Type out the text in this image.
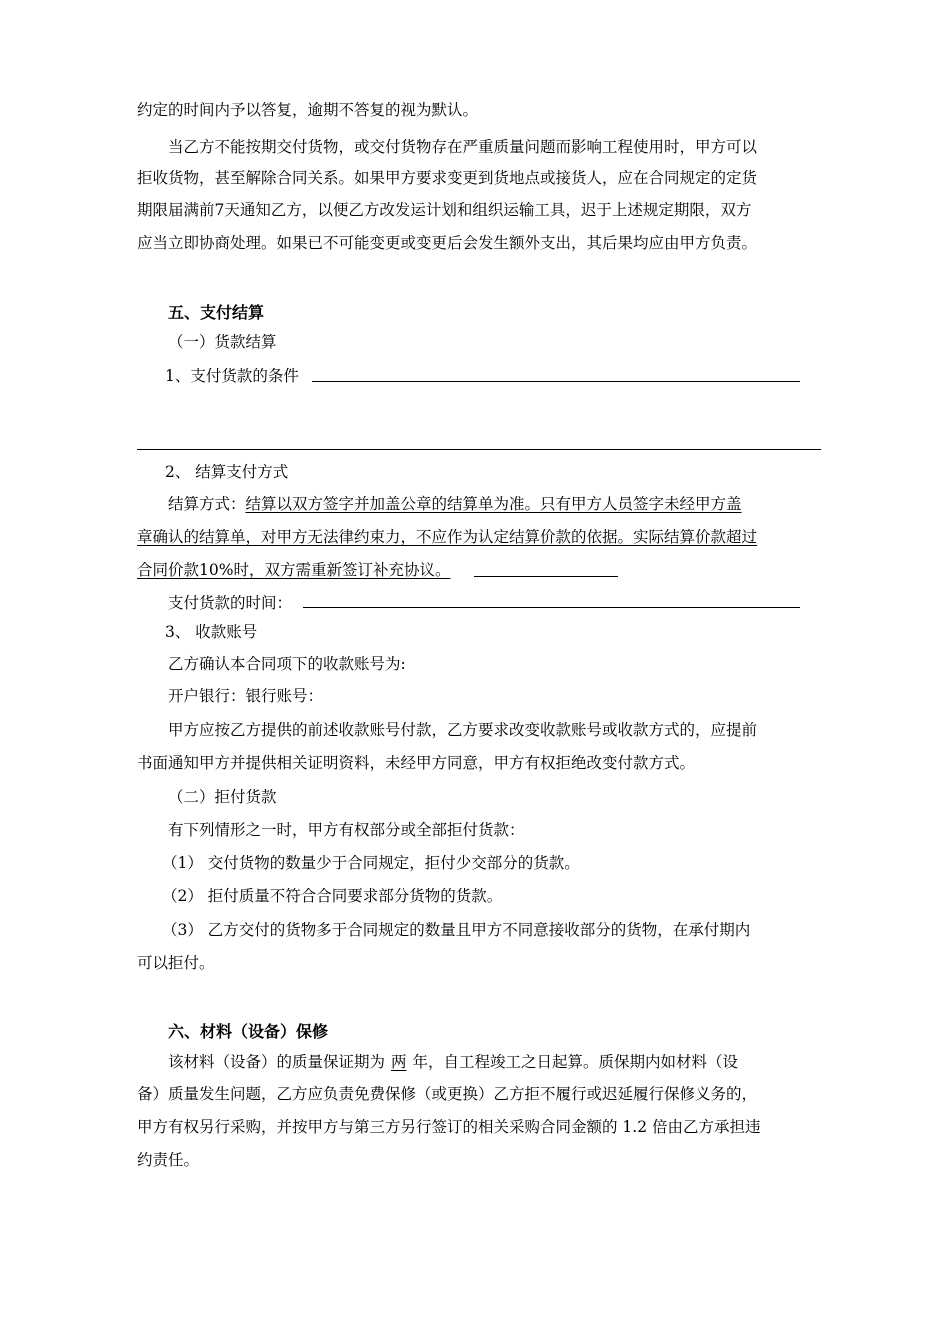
约定的时间内予以答复，逾期不答复的视为默认。
当乙方不能按期交付货物，或交付货物存在严重质量问题而影响工程使用时，甲方可以
拒收货物，甚至解除合同关系。如果甲方要求变更到货地点或接货人，应在合同规定的定货
期限届满前7天通知乙方，以便乙方改发运计划和组织运输工具，迟于上述规定期限，双方
应当立即协商处理。如果已不可能变更或变更后会发生额外支出，其后果均应由甲方负责。
五、支付结算
（一）货款结算
1、支付货款的条件
2、 结算支付方式
结算方式：结算以双方签字并加盖公章的结算单为准。只有甲方人员签字未经甲方盖
章确认的结算单，对甲方无法律约束力，不应作为认定结算价款的依据。实际结算价款超过
合同价款10%时，双方需重新签订补充协议。
支付货款的时间：
3、 收款账号
乙方确认本合同项下的收款账号为:
开户银行：银行账号：
甲方应按乙方提供的前述收款账号付款，乙方要求改变收款账号或收款方式的，应提前
书面通知甲方并提供相关证明资料，未经甲方同意，甲方有权拒绝改变付款方式。
（二）拒付货款
有下列情形之一时，甲方有权部分或全部拒付货款：
（1） 交付货物的数量少于合同规定，拒付少交部分的货款。
（2） 拒付质量不符合合同要求部分货物的货款。
（3） 乙方交付的货物多于合同规定的数量且甲方不同意接收部分的货物，在承付期内
可以拒付。
六、材料（设备）保修
该材料（设备）的质量保证期为 两 年，自工程竣工之日起算。质保期内如材料（设
备）质量发生问题，乙方应负责免费保修（或更换）乙方拒不履行或迟延履行保修义务的，
甲方有权另行采购，并按甲方与第三方另行签订的相关采购合同金额的 1.2 倍由乙方承担违
约责任。
